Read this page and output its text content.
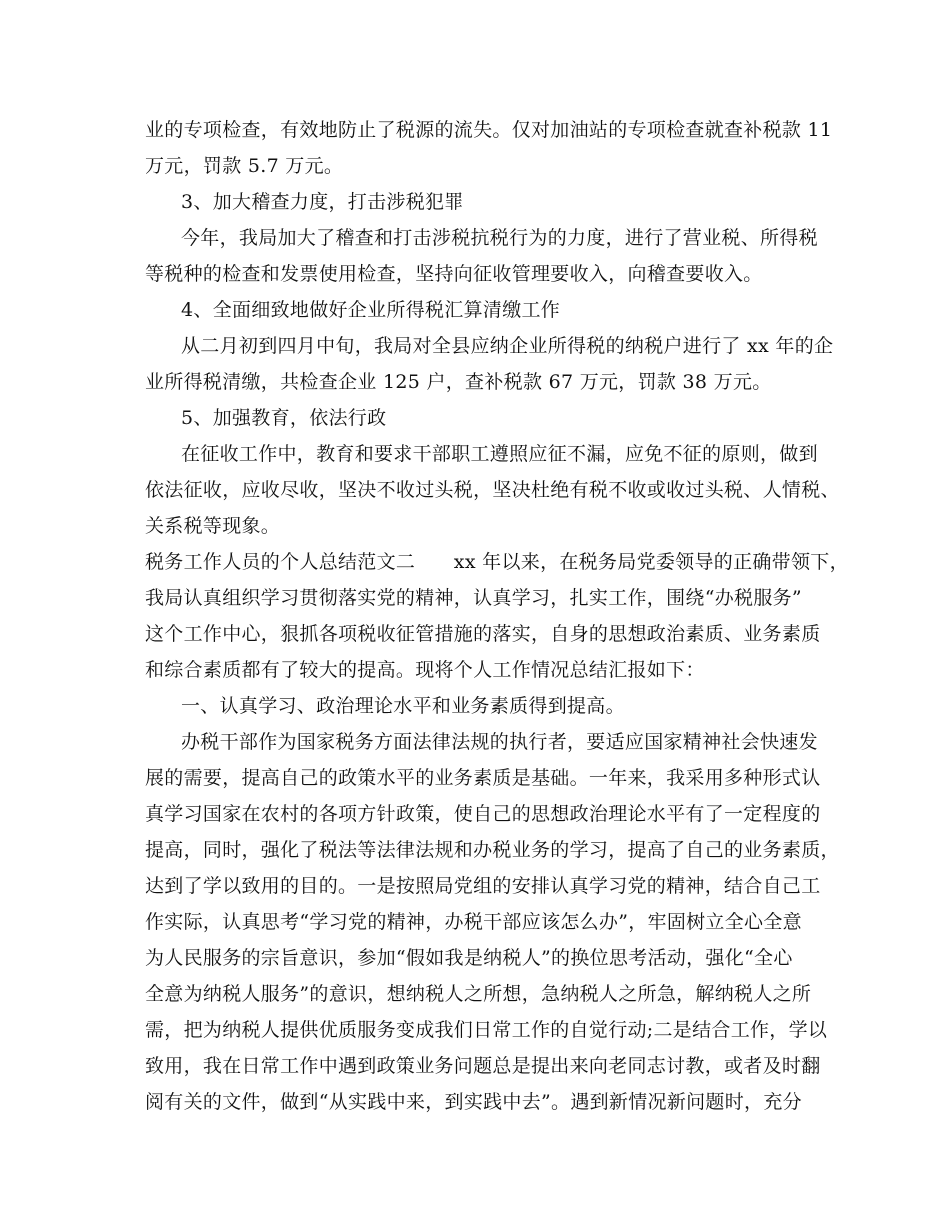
业的专项检查，有效地防止了税源的流失。仅对加油站的专项检查就查补税款 11
万元，罚款 5.7 万元。
3、加大稽查力度，打击涉税犯罪
今年，我局加大了稽查和打击涉税抗税行为的力度，进行了营业税、所得税
等税种的检查和发票使用检查，坚持向征收管理要收入，向稽查要收入。
4、全面细致地做好企业所得税汇算清缴工作
从二月初到四月中旬，我局对全县应纳企业所得税的纳税户进行了 xx 年的企
业所得税清缴，共检查企业 125 户，查补税款 67 万元，罚款 38 万元。
5、加强教育，依法行政
在征收工作中，教育和要求干部职工遵照应征不漏，应免不征的原则，做到
依法征收，应收尽收，坚决不收过头税，坚决杜绝有税不收或收过头税、人情税、
关系税等现象。
税务工作人员的个人总结范文二　　xx 年以来，在税务局党委领导的正确带领下，
我局认真组织学习贯彻落实党的精神，认真学习，扎实工作，围绕“办税服务”
这个工作中心，狠抓各项税收征管措施的落实，自身的思想政治素质、业务素质
和综合素质都有了较大的提高。现将个人工作情况总结汇报如下：
一、认真学习、政治理论水平和业务素质得到提高。
办税干部作为国家税务方面法律法规的执行者，要适应国家精神社会快速发
展的需要，提高自己的政策水平的业务素质是基础。一年来，我采用多种形式认
真学习国家在农村的各项方针政策，使自己的思想政治理论水平有了一定程度的
提高，同时，强化了税法等法律法规和办税业务的学习，提高了自己的业务素质，
达到了学以致用的目的。一是按照局党组的安排认真学习党的精神，结合自己工
作实际，认真思考“学习党的精神，办税干部应该怎么办”，牢固树立全心全意
为人民服务的宗旨意识，参加“假如我是纳税人”的换位思考活动，强化“全心
全意为纳税人服务”的意识，想纳税人之所想，急纳税人之所急，解纳税人之所
需，把为纳税人提供优质服务变成我们日常工作的自觉行动;二是结合工作，学以
致用，我在日常工作中遇到政策业务问题总是提出来向老同志讨教，或者及时翻
阅有关的文件，做到“从实践中来，到实践中去”。遇到新情况新问题时，充分
